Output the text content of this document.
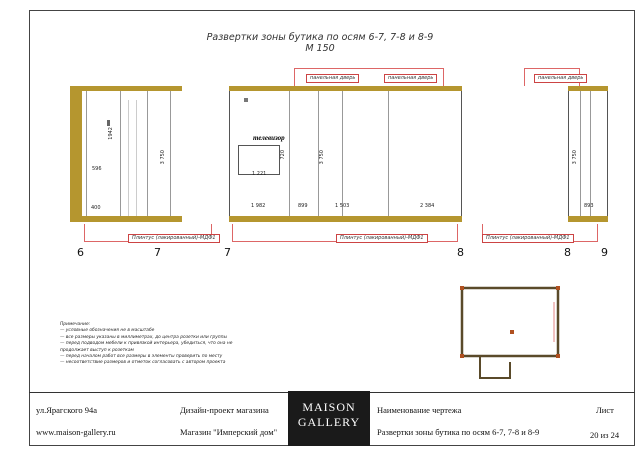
Развертки зоны бутика по осям 6-7, 7-8 и 8-9
М 150
1942
596
400
3 750
Плинтус (лакированный)-МДФ1
6	7
телевизор
720
1 221
3 750
1 982	899	1 503	2 384
панельная дверь	панельная дверь
Плинтус (лакированный)-МДФ1
7	8
3 750
893
панельная дверь
Плинтус (лакированный)-МДФ1
8	9
Примечание:
— условные обозначения не в масштабе
— все размеры указаны в миллиметрах, до центра розетки или группы
— перед подводом мебели к привязкой интерьера, убедиться, что она не
продолжает выступ к розеткам
— перед началом работ все размеры в элементы проверить по месту
— несоответствие размеров и отметок согласовать с автором проекта
ул.Ярагского 94а
www.maison-gallery.ru
Дизайн-проект магазина
Магазин "Имперский дом"
MAISON
GALLERY
Наименование чертежа
Развертки зоны бутика по осям 6-7, 7-8 и 8-9
Лист
20 из 24
